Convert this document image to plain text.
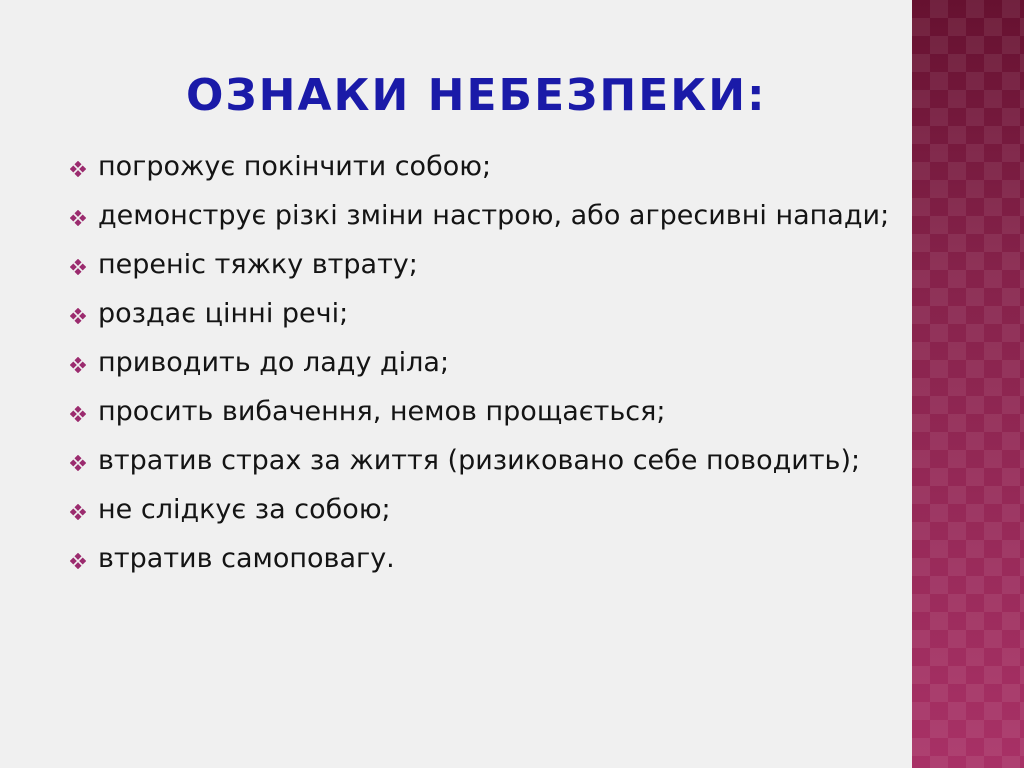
ОЗНАКИ НЕБЕЗПЕКИ:
погрожує покінчити собою;
демонструє різкі зміни настрою, або агресивні напади;
переніс тяжку втрату;
роздає цінні речі;
приводить до ладу діла;
просить вибачення, немов прощається;
втратив страх за життя (ризиковано себе поводить);
не слідкує за собою;
втратив самоповагу.
